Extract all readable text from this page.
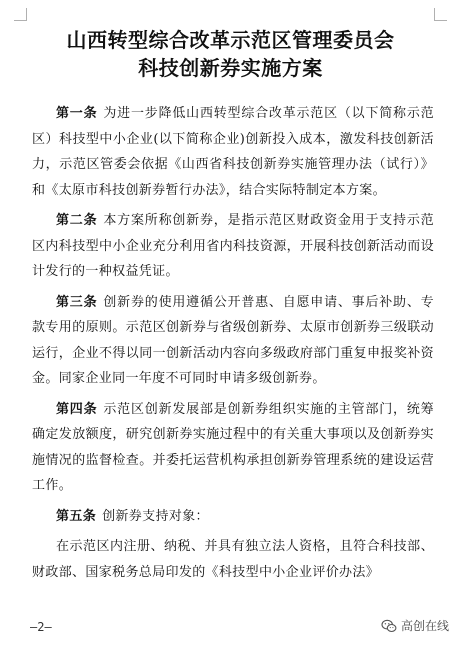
山西转型综合改革示范区管理委员会
科技创新券实施方案

第一条 为进一步降低山西转型综合改革示范区（以下简称示范区）科技型中小企业(以下简称企业)创新投入成本，激发科技创新活力，示范区管委会依据《山西省科技创新券实施管理办法（试行）》和《太原市科技创新券暂行办法》，结合实际特制定本方案。

第二条 本方案所称创新券，是指示范区财政资金用于支持示范区内科技型中小企业充分利用省内科技资源，开展科技创新活动而设计发行的一种权益凭证。

第三条 创新券的使用遵循公开普惠、自愿申请、事后补助、专款专用的原则。示范区创新券与省级创新券、太原市创新券三级联动运行，企业不得以同一创新活动内容向多级政府部门重复申报奖补资金。同家企业同一年度不可同时申请多级创新券。

第四条 示范区创新发展部是创新券组织实施的主管部门，统筹确定发放额度，研究创新券实施过程中的有关重大事项以及创新券实施情况的监督检查。并委托运营机构承担创新券管理系统的建设运营工作。

第五条 创新券支持对象：

在示范区内注册、纳税、并具有独立法人资格，且符合科技部、财政部、国家税务总局印发的《科技型中小企业评价办法》

—2—	高创在线
